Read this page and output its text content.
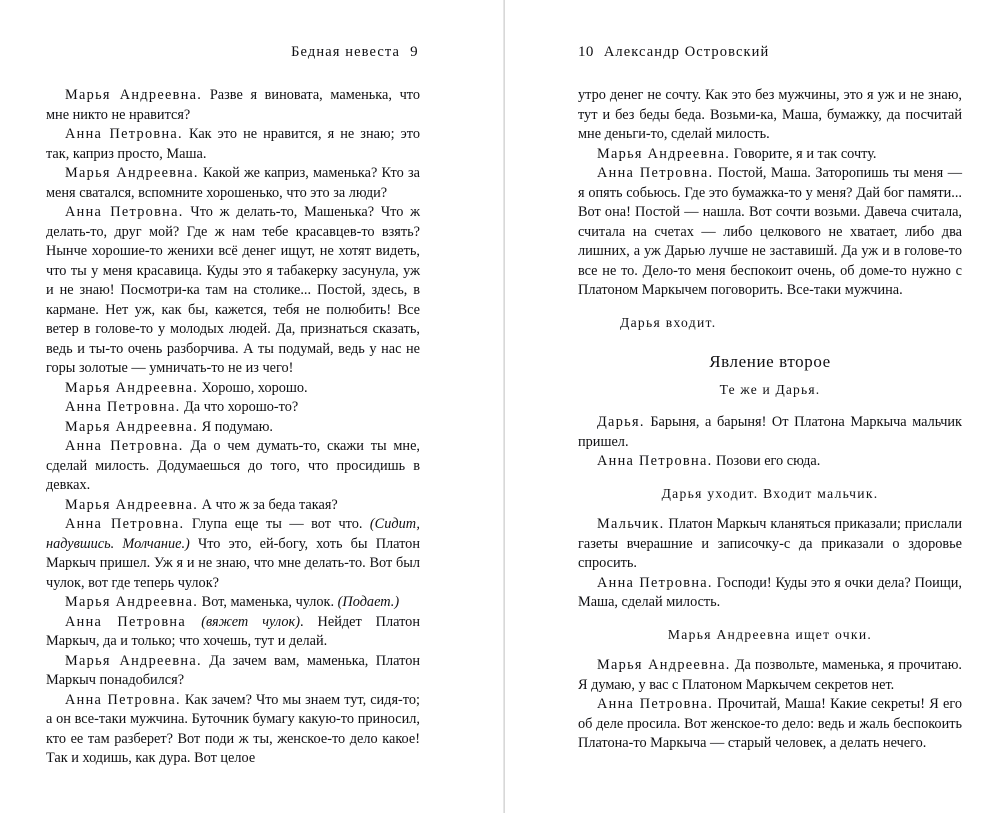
Бедная невеста 9

Марья Андреевна. Разве я виновата, маменька, что мне никто не нравится?

Анна Петровна. Как это не нравится, я не знаю; это так, каприз просто, Маша.

Марья Андреевна. Какой же каприз, маменька? Кто за меня сватался, вспомните хорошенько, что это за люди?

Анна Петровна. Что ж делать-то, Машенька? Что ж делать-то, друг мой? Где ж нам тебе красавцев-то взять? Нынче хорошие-то женихи всё денег ищут, не хотят видеть, что ты у меня красавица. Куды это я табакерку засунула, уж и не знаю! Посмотри-ка там на столике... Постой, здесь, в кармане. Нет уж, как бы, кажется, тебя не полюбить! Все ветер в голове-то у молодых людей. Да, признаться сказать, ведь и ты-то очень разборчива. А ты подумай, ведь у нас не горы золотые — умничать-то не из чего!

Марья Андреевна. Хорошо, хорошо.

Анна Петровна. Да что хорошо-то?

Марья Андреевна. Я подумаю.

Анна Петровна. Да о чем думать-то, скажи ты мне, сделай милость. Додумаешься до того, что просидишь в девках.

Марья Андреевна. А что ж за беда такая?

Анна Петровна. Глупа еще ты — вот что. (Сидит, надувшись. Молчание.) Что это, ей-богу, хоть бы Платон Маркыч пришел. Уж я и не знаю, что мне делать-то. Вот был чулок, вот где теперь чулок?

Марья Андреевна. Вот, маменька, чулок. (Подает.)

Анна Петровна (вяжет чулок). Нейдет Платон Маркыч, да и только; что хочешь, тут и делай.

Марья Андреевна. Да зачем вам, маменька, Платон Маркыч понадобился?

Анна Петровна. Как зачем? Что мы знаем тут, сидя-то; а он все-таки мужчина. Буточник бумагу какую-то приносил, кто ее там разберет? Вот поди ж ты, женское-то дело какое! Так и ходишь, как дура. Вот целое

10 Александр Островский

утро денег не сочту. Как это без мужчины, это я уж и не знаю, тут и без беды беда. Возьми-ка, Маша, бумажку, да посчитай мне деньги-то, сделай милость.

Марья Андреевна. Говорите, я и так сочту.

Анна Петровна. Постой, Маша. Заторопишь ты меня — я опять собьюсь. Где это бумажка-то у меня? Дай бог памяти... Вот она! Постой — нашла. Вот сочти возьми. Давеча считала, считала на счетах — либо целкового не хватает, либо два лишних, а уж Дарью лучше не заставишй. Да уж и в голове-то все не то. Дело-то меня беспокоит очень, об доме-то нужно с Платоном Маркычем поговорить. Все-таки мужчина.

Дарья входит.
Явление второе
Те же и Дарья.

Дарья. Барыня, а барыня! От Платона Маркыча мальчик пришел.

Анна Петровна. Позови его сюда.

Дарья уходит. Входит мальчик.

Мальчик. Платон Маркыч кланяться приказали; прислали газеты вчерашние и записочку-с да приказали о здоровье спросить.

Анна Петровна. Господи! Куды это я очки дела? Поищи, Маша, сделай милость.

Марья Андреевна ищет очки.

Марья Андреевна. Да позвольте, маменька, я прочитаю. Я думаю, у вас с Платоном Маркычем секретов нет.

Анна Петровна. Прочитай, Маша! Какие секреты! Я его об деле просила. Вот женское-то дело: ведь и жаль беспокоить Платона-то Маркыча — старый человек, а делать нечего.
